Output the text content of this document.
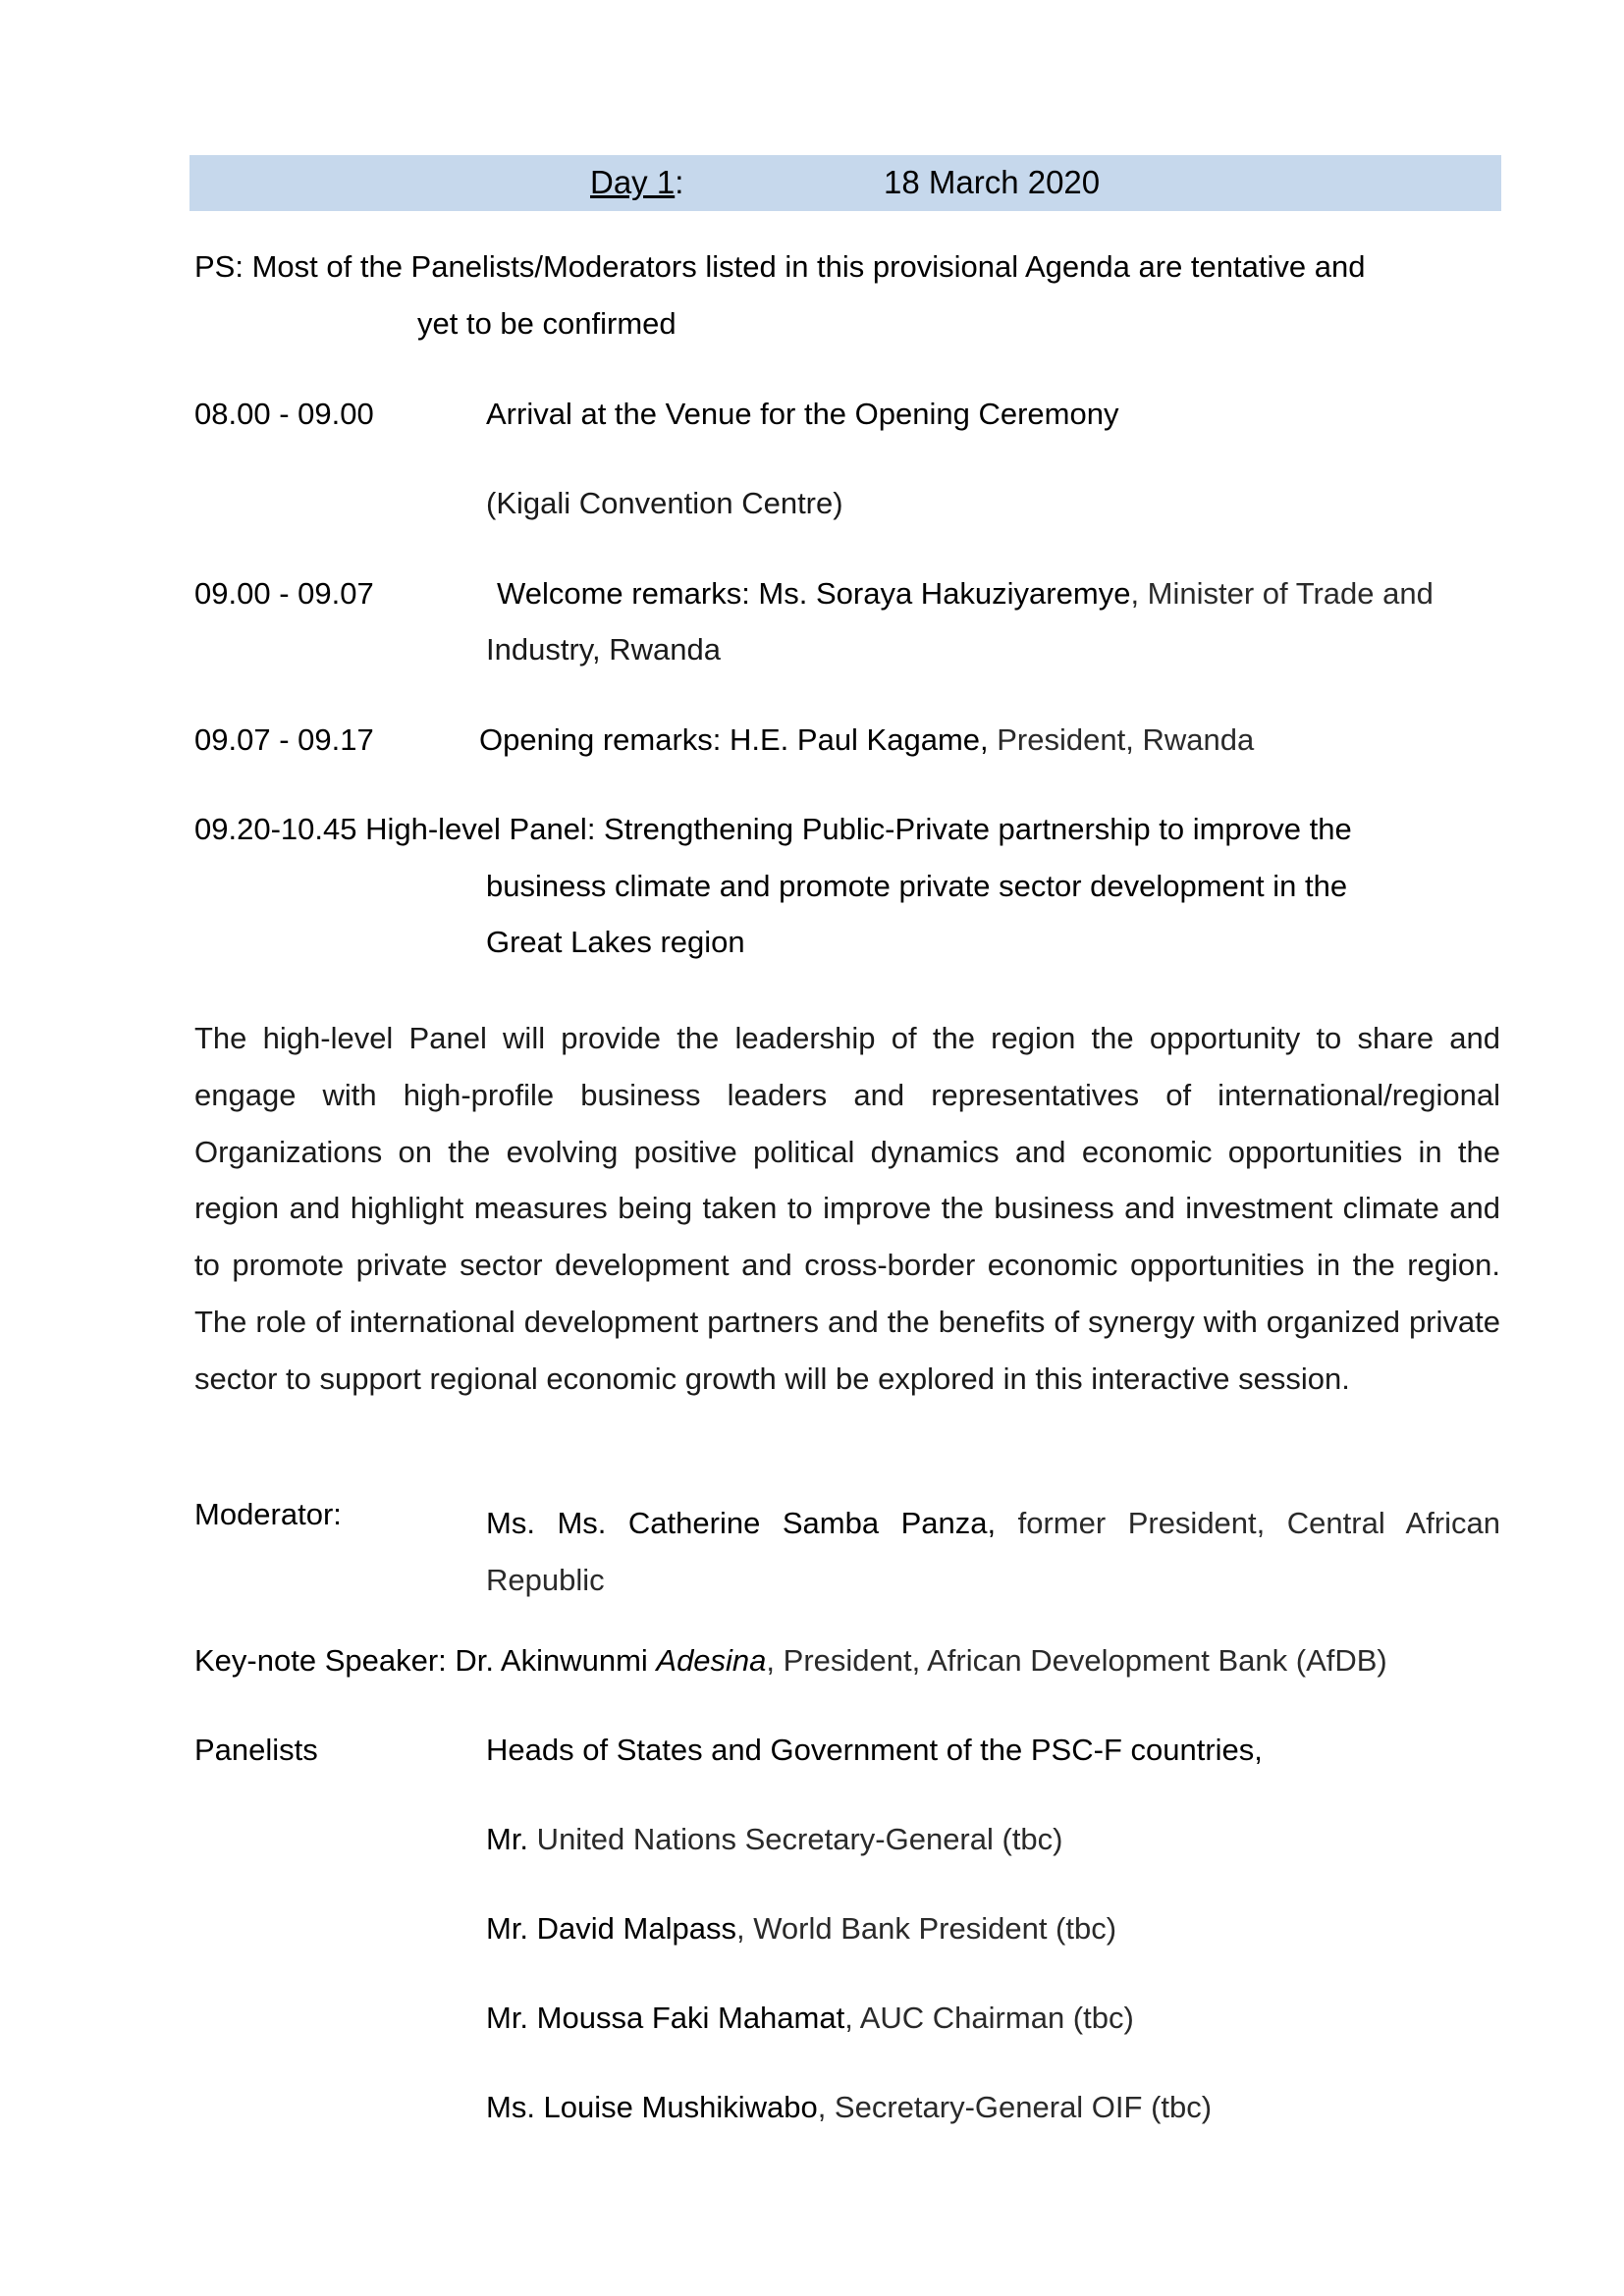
Day 1:	18 March 2020
PS: Most of the Panelists/Moderators listed in this provisional Agenda are tentative and
yet to be confirmed
08.00 - 09.00	Arrival at the Venue for the Opening Ceremony
(Kigali Convention Centre)
09.00 - 09.07	Welcome remarks: Ms. Soraya Hakuziyaremye, Minister of Trade and
Industry, Rwanda
09.07 - 09.17	Opening remarks: H.E. Paul Kagame, President, Rwanda
09.20-10.45 High-level Panel: Strengthening Public-Private partnership to improve the
business climate and promote private sector development in the
Great Lakes region
The high-level Panel will provide the leadership of the region the opportunity to share and engage with high-profile business leaders and representatives of international/regional Organizations on the evolving positive political dynamics and economic opportunities in the region and highlight measures being taken to improve the business and investment climate and to promote private sector development and cross-border economic opportunities in the region. The role of international development partners and the benefits of synergy with organized private sector to support regional economic growth will be explored in this interactive session.
Moderator:	Ms. Ms. Catherine Samba Panza, former President, Central African Republic
Key-note Speaker: Dr. Akinwunmi Adesina, President, African Development Bank (AfDB)
Panelists	Heads of States and Government of the PSC-F countries,
Mr. United Nations Secretary-General (tbc)
Mr. David Malpass, World Bank President (tbc)
Mr. Moussa Faki Mahamat, AUC Chairman (tbc)
Ms. Louise Mushikiwabo, Secretary-General OIF (tbc)
